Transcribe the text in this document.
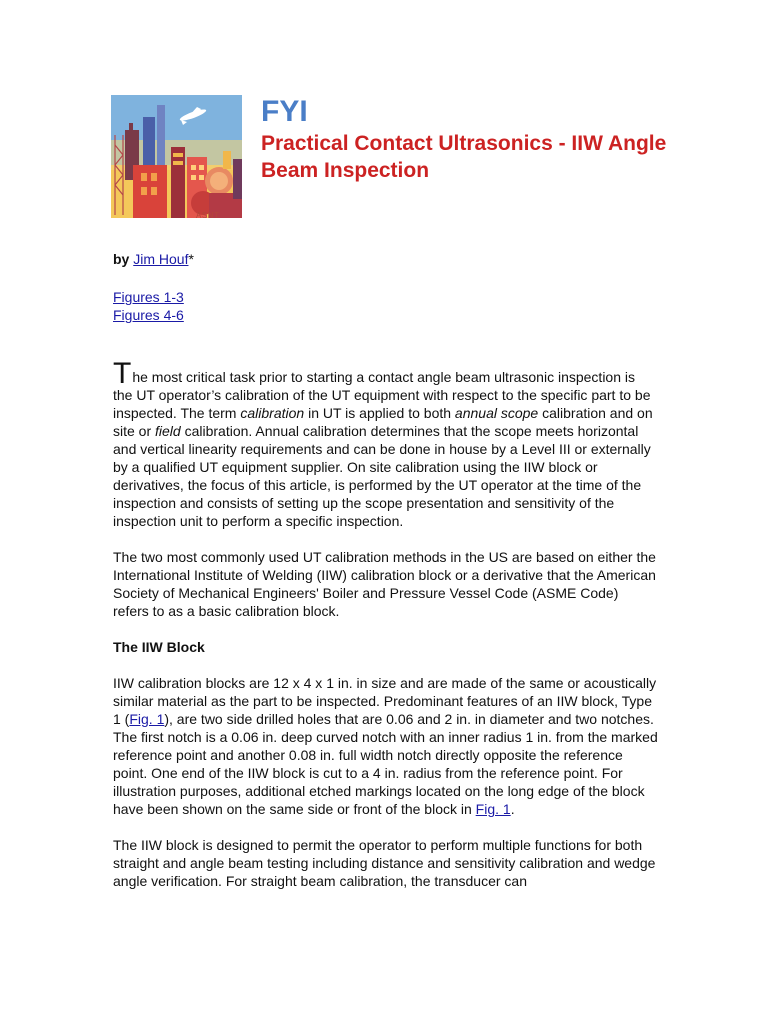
ASNT
FYI
Practical Contact Ultrasonics - IIW Angle Beam Inspection

by Jim Houf*

Figures 1-3
Figures 4-6

The most critical task prior to starting a contact angle beam ultrasonic inspection is the UT operator’s calibration of the UT equipment with respect to the specific part to be inspected. The term calibration in UT is applied to both annual scope calibration and on site or field calibration. Annual calibration determines that the scope meets horizontal and vertical linearity requirements and can be done in house by a Level III or externally by a qualified UT equipment supplier. On site calibration using the IIW block or derivatives, the focus of this article, is performed by the UT operator at the time of the inspection and consists of setting up the scope presentation and sensitivity of the inspection unit to perform a specific inspection.

The two most commonly used UT calibration methods in the US are based on either the International Institute of Welding (IIW) calibration block or a derivative that the American Society of Mechanical Engineers' Boiler and Pressure Vessel Code (ASME Code) refers to as a basic calibration block.

The IIW Block

IIW calibration blocks are 12 x 4 x 1 in. in size and are made of the same or acoustically similar material as the part to be inspected. Predominant features of an IIW block, Type 1 (Fig. 1), are two side drilled holes that are 0.06 and 2 in. in diameter and two notches. The first notch is a 0.06 in. deep curved notch with an inner radius 1 in. from the marked reference point and another 0.08 in. full width notch directly opposite the reference point. One end of the IIW block is cut to a 4 in. radius from the reference point. For illustration purposes, additional etched markings located on the long edge of the block have been shown on the same side or front of the block in Fig. 1.

The IIW block is designed to permit the operator to perform multiple functions for both straight and angle beam testing including distance and sensitivity calibration and wedge angle verification. For straight beam calibration, the transducer can
